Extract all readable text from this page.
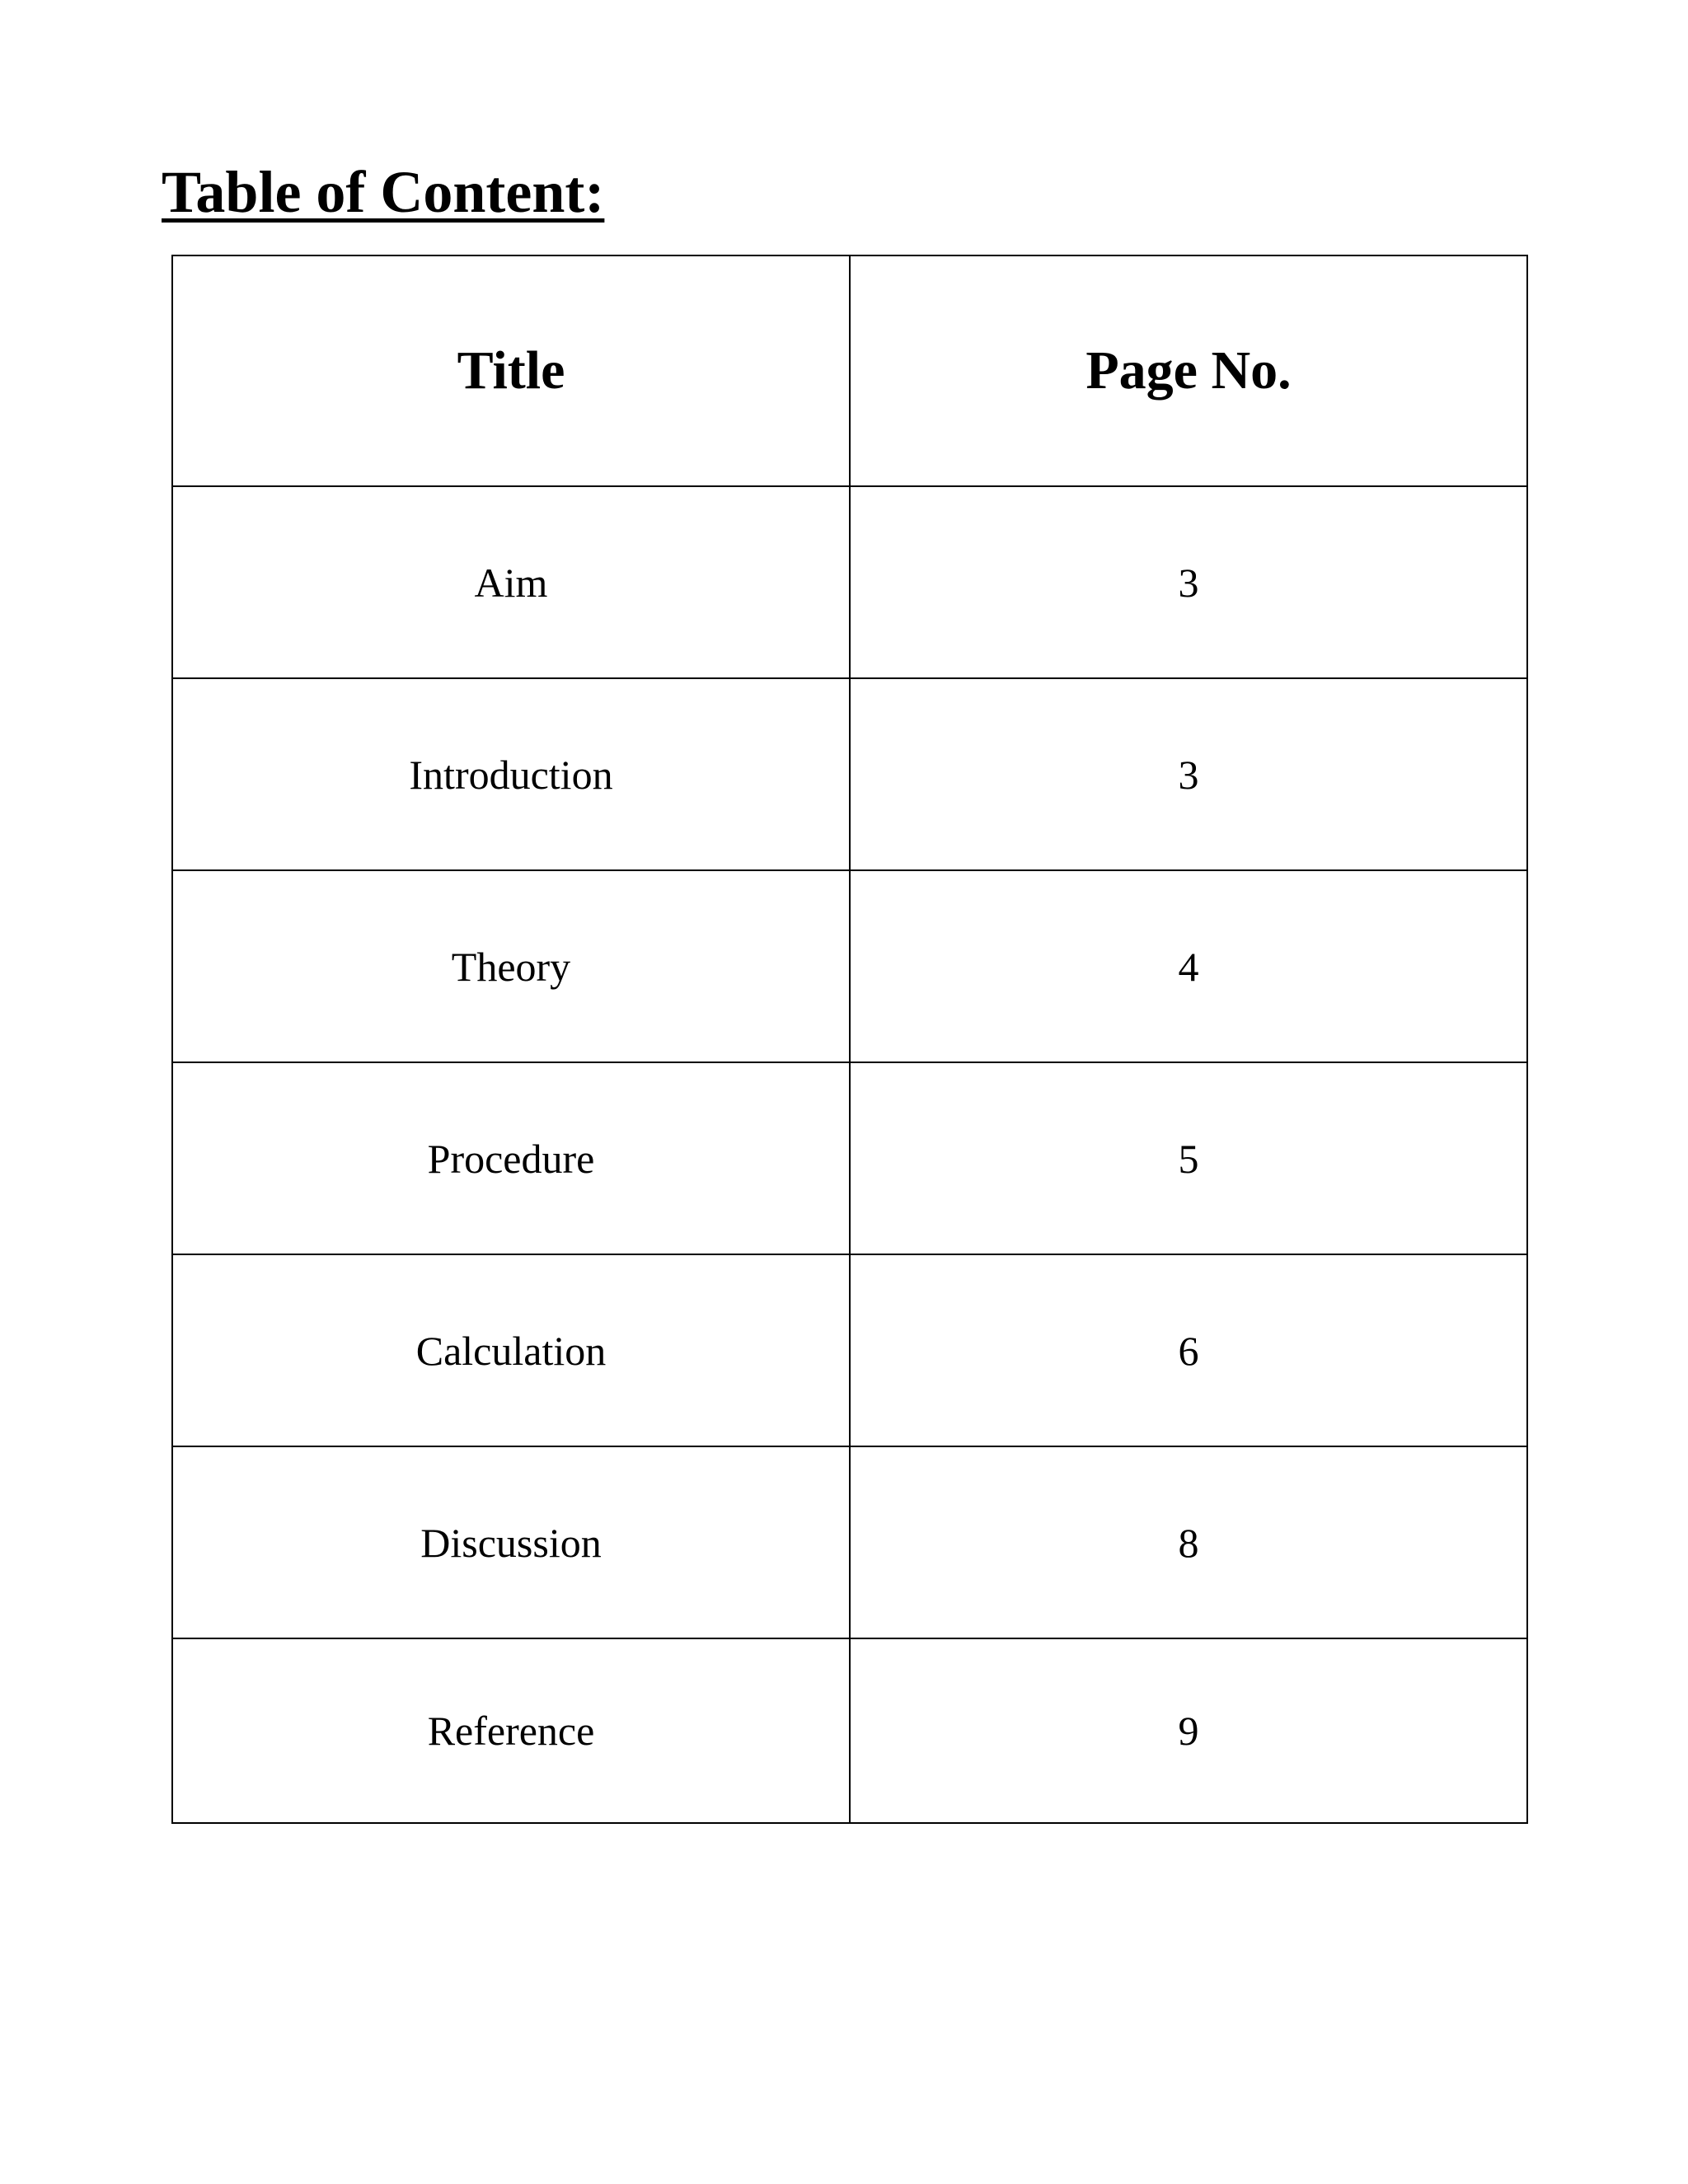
Table of Content:
Title	Page No.
Aim	3
Introduction	3
Theory	4
Procedure	5
Calculation	6
Discussion	8
Reference	9
